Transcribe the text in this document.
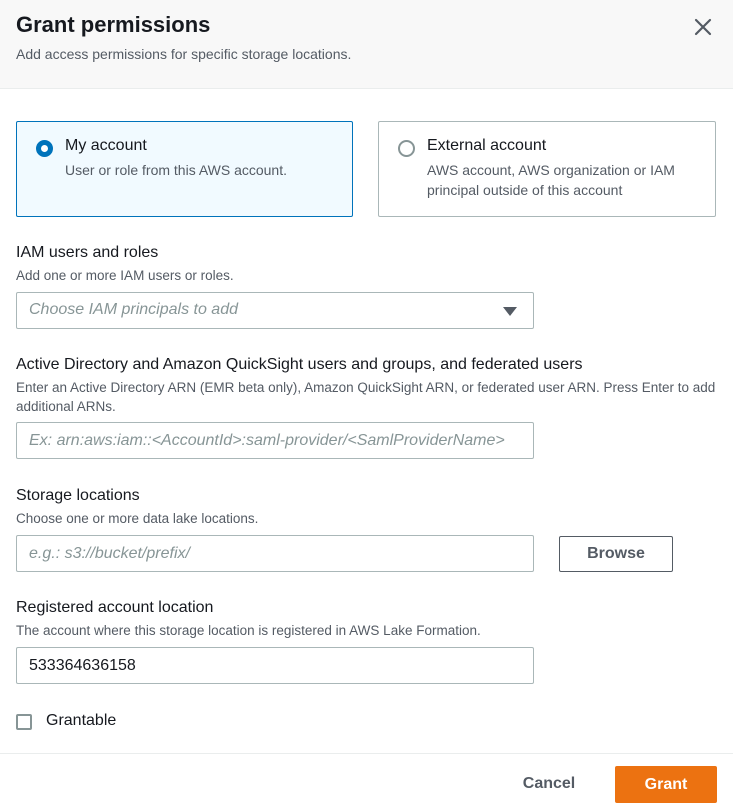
Grant permissions
Add access permissions for specific storage locations.
My account
User or role from this AWS account.
External account
AWS account, AWS organization or IAM principal outside of this account
IAM users and roles
Add one or more IAM users or roles.
Choose IAM principals to add
Active Directory and Amazon QuickSight users and groups, and federated users
Enter an Active Directory ARN (EMR beta only), Amazon QuickSight ARN, or federated user ARN. Press Enter to add additional ARNs.
Ex: arn:aws:iam::<AccountId>:saml-provider/<SamlProviderName>
Storage locations
Choose one or more data lake locations.
e.g.: s3://bucket/prefix/
Browse
Registered account location
The account where this storage location is registered in AWS Lake Formation.
533364636158
Grantable
Cancel	Grant
